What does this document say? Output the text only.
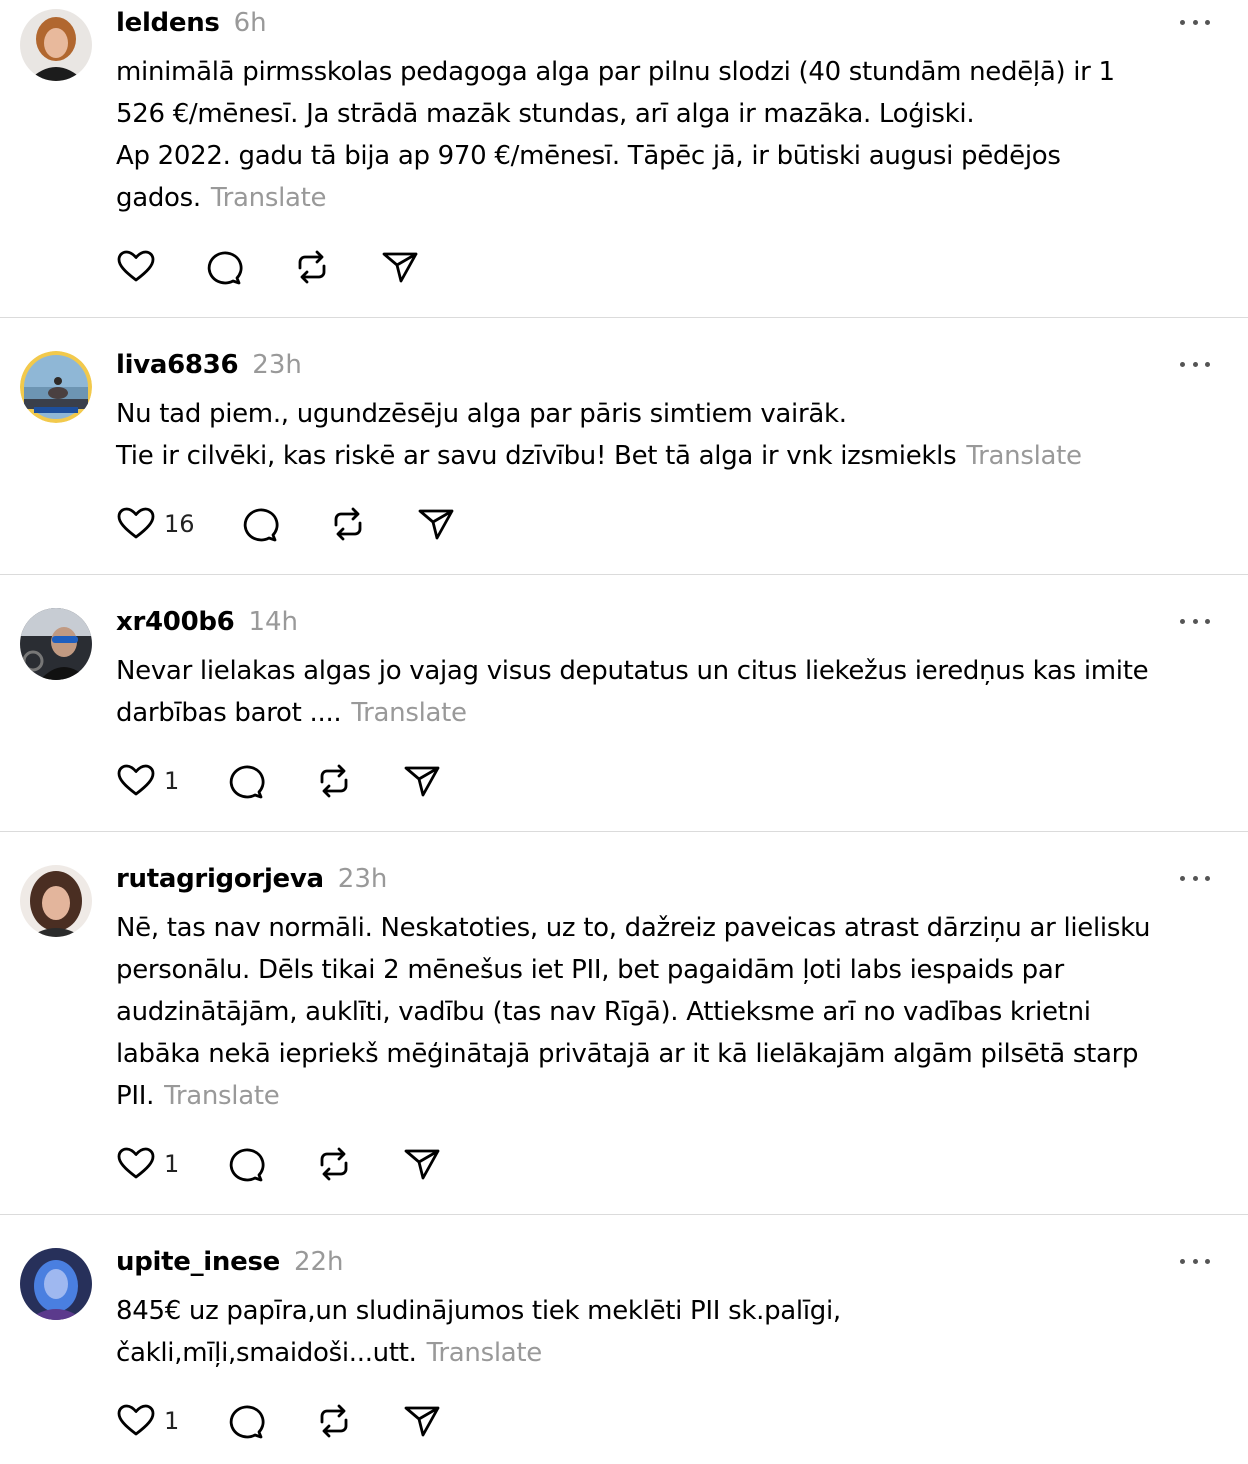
leldens 6h
minimālā pirmsskolas pedagoga alga par pilnu slodzi (40 stundām nedēļā) ir 1
526 €/mēnesī. Ja strādā mazāk stundas, arī alga ir mazāka. Loģiski.
Ap 2022. gadu tā bija ap 970 €/mēnesī. Tāpēc jā, ir būtiski augusi pēdējos
gados. Translate
liva6836 23h
Nu tad piem., ugundzēsēju alga par pāris simtiem vairāk.
Tie ir cilvēki, kas riskē ar savu dzīvību! Bet tā alga ir vnk izsmiekls Translate
16
xr400b6 14h
Nevar lielakas algas jo vajag visus deputatus un citus liekežus ieredņus kas imite
darbības barot .... Translate
1
rutagrigorjeva 23h
Nē, tas nav normāli. Neskatoties, uz to, dažreiz paveicas atrast dārziņu ar lielisku
personālu. Dēls tikai 2 mēnešus iet PII, bet pagaidām ļoti labs iespaids par
audzinātājām, auklīti, vadību (tas nav Rīgā). Attieksme arī no vadības krietni
labāka nekā iepriekš mēģinātajā privātajā ar it kā lielākajām algām pilsētā starp
PII. Translate
1
upite_inese 22h
845€ uz papīra,un sludinājumos tiek meklēti PII sk.palīgi,
čakli,mīļi,smaidoši...utt. Translate
1
